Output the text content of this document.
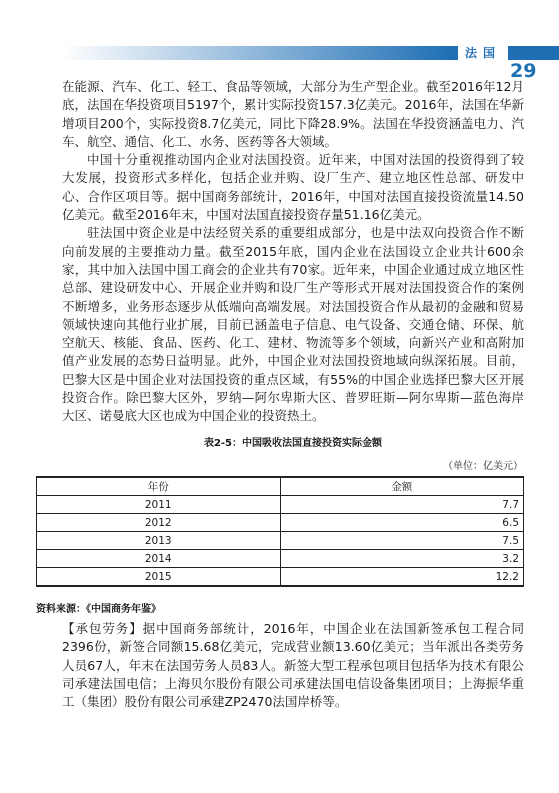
法国
29

在能源、汽车、化工、轻工、食品等领域，大部分为生产型企业。截至2016年12月底，法国在华投资项目5197个，累计实际投资157.3亿美元。2016年，法国在华新增项目200个，实际投资8.7亿美元，同比下降28.9%。法国在华投资涵盖电力、汽车、航空、通信、化工、水务、医药等各大领域。

中国十分重视推动国内企业对法国投资。近年来，中国对法国的投资得到了较大发展，投资形式多样化，包括企业并购、设厂生产、建立地区性总部、研发中心、合作区项目等。据中国商务部统计，2016年，中国对法国直接投资流量14.50亿美元。截至2016年末，中国对法国直接投资存量51.16亿美元。

驻法国中资企业是中法经贸关系的重要组成部分，也是中法双向投资合作不断向前发展的主要推动力量。截至2015年底，国内企业在法国设立企业共计600余家，其中加入法国中国工商会的企业共有70家。近年来，中国企业通过成立地区性总部、建设研发中心、开展企业并购和设厂生产等形式开展对法国投资合作的案例不断增多，业务形态逐步从低端向高端发展。对法国投资合作从最初的金融和贸易领域快速向其他行业扩展，目前已涵盖电子信息、电气设备、交通仓储、环保、航空航天、核能、食品、医药、化工、建材、物流等多个领域，向新兴产业和高附加值产业发展的态势日益明显。此外，中国企业对法国投资地域向纵深拓展。目前，巴黎大区是中国企业对法国投资的重点区域，有55%的中国企业选择巴黎大区开展投资合作。除巴黎大区外，罗纳—阿尔卑斯大区、普罗旺斯—阿尔卑斯—蓝色海岸大区、诺曼底大区也成为中国企业的投资热土。

表2-5：中国吸收法国直接投资实际金额
（单位：亿美元）
年份	金额
2011	7.7
2012	6.5
2013	7.5
2014	3.2
2015	12.2
资料来源：《中国商务年鉴》

【承包劳务】据中国商务部统计，2016年，中国企业在法国新签承包工程合同2396份，新签合同额15.68亿美元，完成营业额13.60亿美元；当年派出各类劳务人员67人，年末在法国劳务人员83人。新签大型工程承包项目包括华为技术有限公司承建法国电信；上海贝尔股份有限公司承建法国电信设备集团项目；上海振华重工（集团）股份有限公司承建ZP2470法国岸桥等。
